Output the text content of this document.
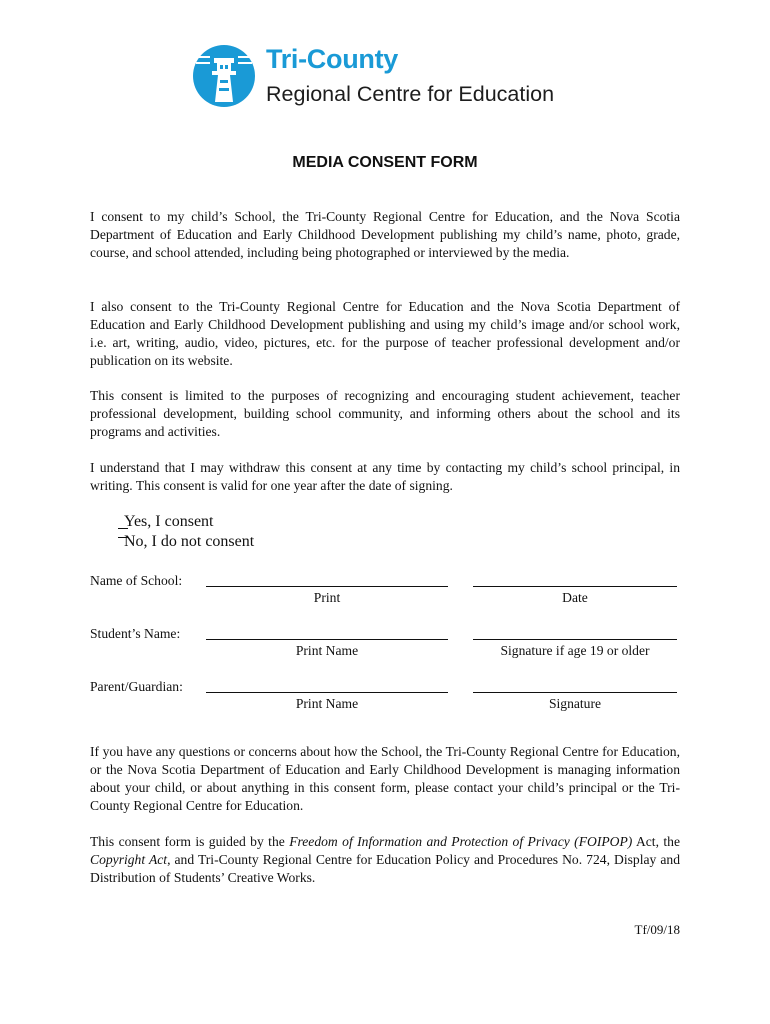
Tri-County

Regional Centre for Education

MEDIA CONSENT FORM

I consent to my child’s School, the Tri-County Regional Centre for Education, and the Nova Scotia Department of Education and Early Childhood Development publishing my child’s name, photo, grade, course, and school attended, including being photographed or interviewed by the media.

I also consent to the Tri-County Regional Centre for Education and the Nova Scotia Department of Education and Early Childhood Development publishing and using my child’s image and/or school work, i.e. art, writing, audio, video, pictures, etc. for the purpose of teacher professional development and/or publication on its website.

This consent is limited to the purposes of recognizing and encouraging student achievement, teacher professional development, building school community, and informing others about the school and its programs and activities.

I understand that I may withdraw this consent at any time by contacting my child’s school principal, in writing. This consent is valid for one year after the date of signing.

Yes, I consent

No, I do not consent

Name of School:

Print	Date

Student’s Name:

Print Name	Signature if age 19 or older

Parent/Guardian:

Print Name	Signature

If you have any questions or concerns about how the School, the Tri-County Regional Centre for Education, or the Nova Scotia Department of Education and Early Childhood Development is managing information about your child, or about anything in this consent form, please contact your child’s principal or the Tri-County Regional Centre for Education.

This consent form is guided by the Freedom of Information and Protection of Privacy (FOIPOP) Act, the Copyright Act, and Tri-County Regional Centre for Education Policy and Procedures No. 724, Display and Distribution of Students’ Creative Works.

Tf/09/18
